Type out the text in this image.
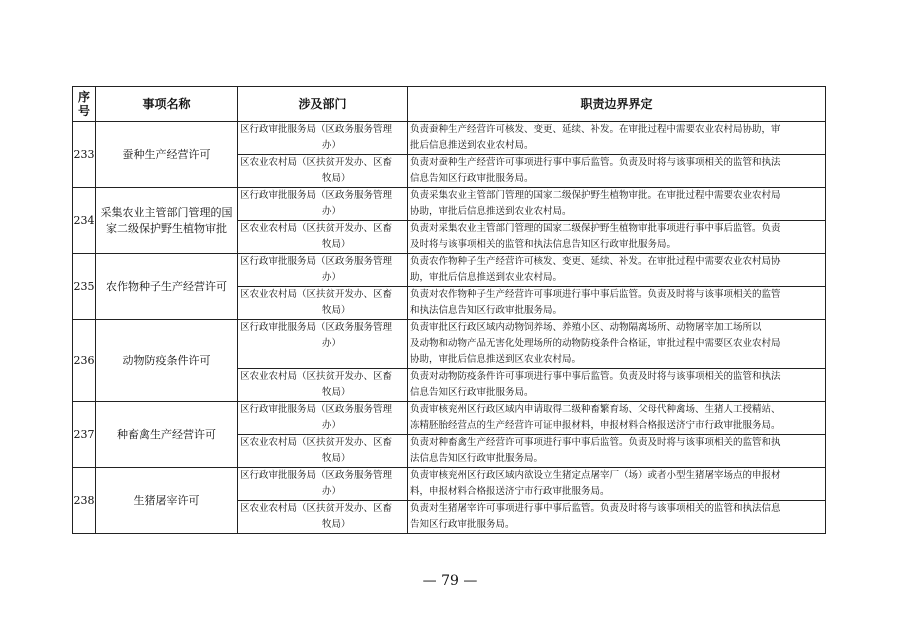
序
号	事项名称	涉及部门	职责边界界定
233	蚕种生产经营许可	区行政审批服务局（区政务服务管理
办）	负责蚕种生产经营许可核发、变更、延续、补发。在审批过程中需要农业农村局协助，审
批后信息推送到农业农村局。

		区农业农村局（区扶贫开发办、区畜
牧局）	负责对蚕种生产经营许可事项进行事中事后监管。负责及时将与该事项相关的监管和执法
信息告知区行政审批服务局。

234	采集农业主管部门管理的国家二级保护野生植物审批	区行政审批服务局（区政务服务管理
办）	负责采集农业主管部门管理的国家二级保护野生植物审批。在审批过程中需要农业农村局
协助，审批后信息推送到农业农村局。

		区农业农村局（区扶贫开发办、区畜
牧局）	负责对采集农业主管部门管理的国家二级保护野生植物审批事项进行事中事后监管。负责
及时将与该事项相关的监管和执法信息告知区行政审批服务局。

235	农作物种子生产经营许可	区行政审批服务局（区政务服务管理
办）	负责农作物种子生产经营许可核发、变更、延续、补发。在审批过程中需要农业农村局协
助，审批后信息推送到农业农村局。

		区农业农村局（区扶贫开发办、区畜
牧局）	负责对农作物种子生产经营许可事项进行事中事后监管。负责及时将与该事项相关的监管
和执法信息告知区行政审批服务局。

236	动物防疫条件许可	区行政审批服务局（区政务服务管理
办）	负责审批区行政区域内动物饲养场、养殖小区、动物隔离场所、动物屠宰加工场所以
及动物和动物产品无害化处理场所的动物防疫条件合格证，审批过程中需要区农业农村局
协助，审批后信息推送到区农业农村局。

		区农业农村局（区扶贫开发办、区畜
牧局）	负责对动物防疫条件许可事项进行事中事后监管。负责及时将与该事项相关的监管和执法
信息告知区行政审批服务局。

237	种畜禽生产经营许可	区行政审批服务局（区政务服务管理
办）	负责审核兖州区行政区域内申请取得二级种畜繁育场、父母代种禽场、生猪人工授精站、
冻精胚胎经营点的生产经营许可证申报材料，申报材料合格报送济宁市行政审批服务局。

		区农业农村局（区扶贫开发办、区畜
牧局）	负责对种畜禽生产经营许可事项进行事中事后监管。负责及时将与该事项相关的监管和执
法信息告知区行政审批服务局。

238	生猪屠宰许可	区行政审批服务局（区政务服务管理
办）	负责审核兖州区行政区域内欲设立生猪定点屠宰厂（场）或者小型生猪屠宰场点的申报材
料，申报材料合格报送济宁市行政审批服务局。

		区农业农村局（区扶贫开发办、区畜
牧局）	负责对生猪屠宰许可事项进行事中事后监管。负责及时将与该事项相关的监管和执法信息
告知区行政审批服务局。
— 79 —
